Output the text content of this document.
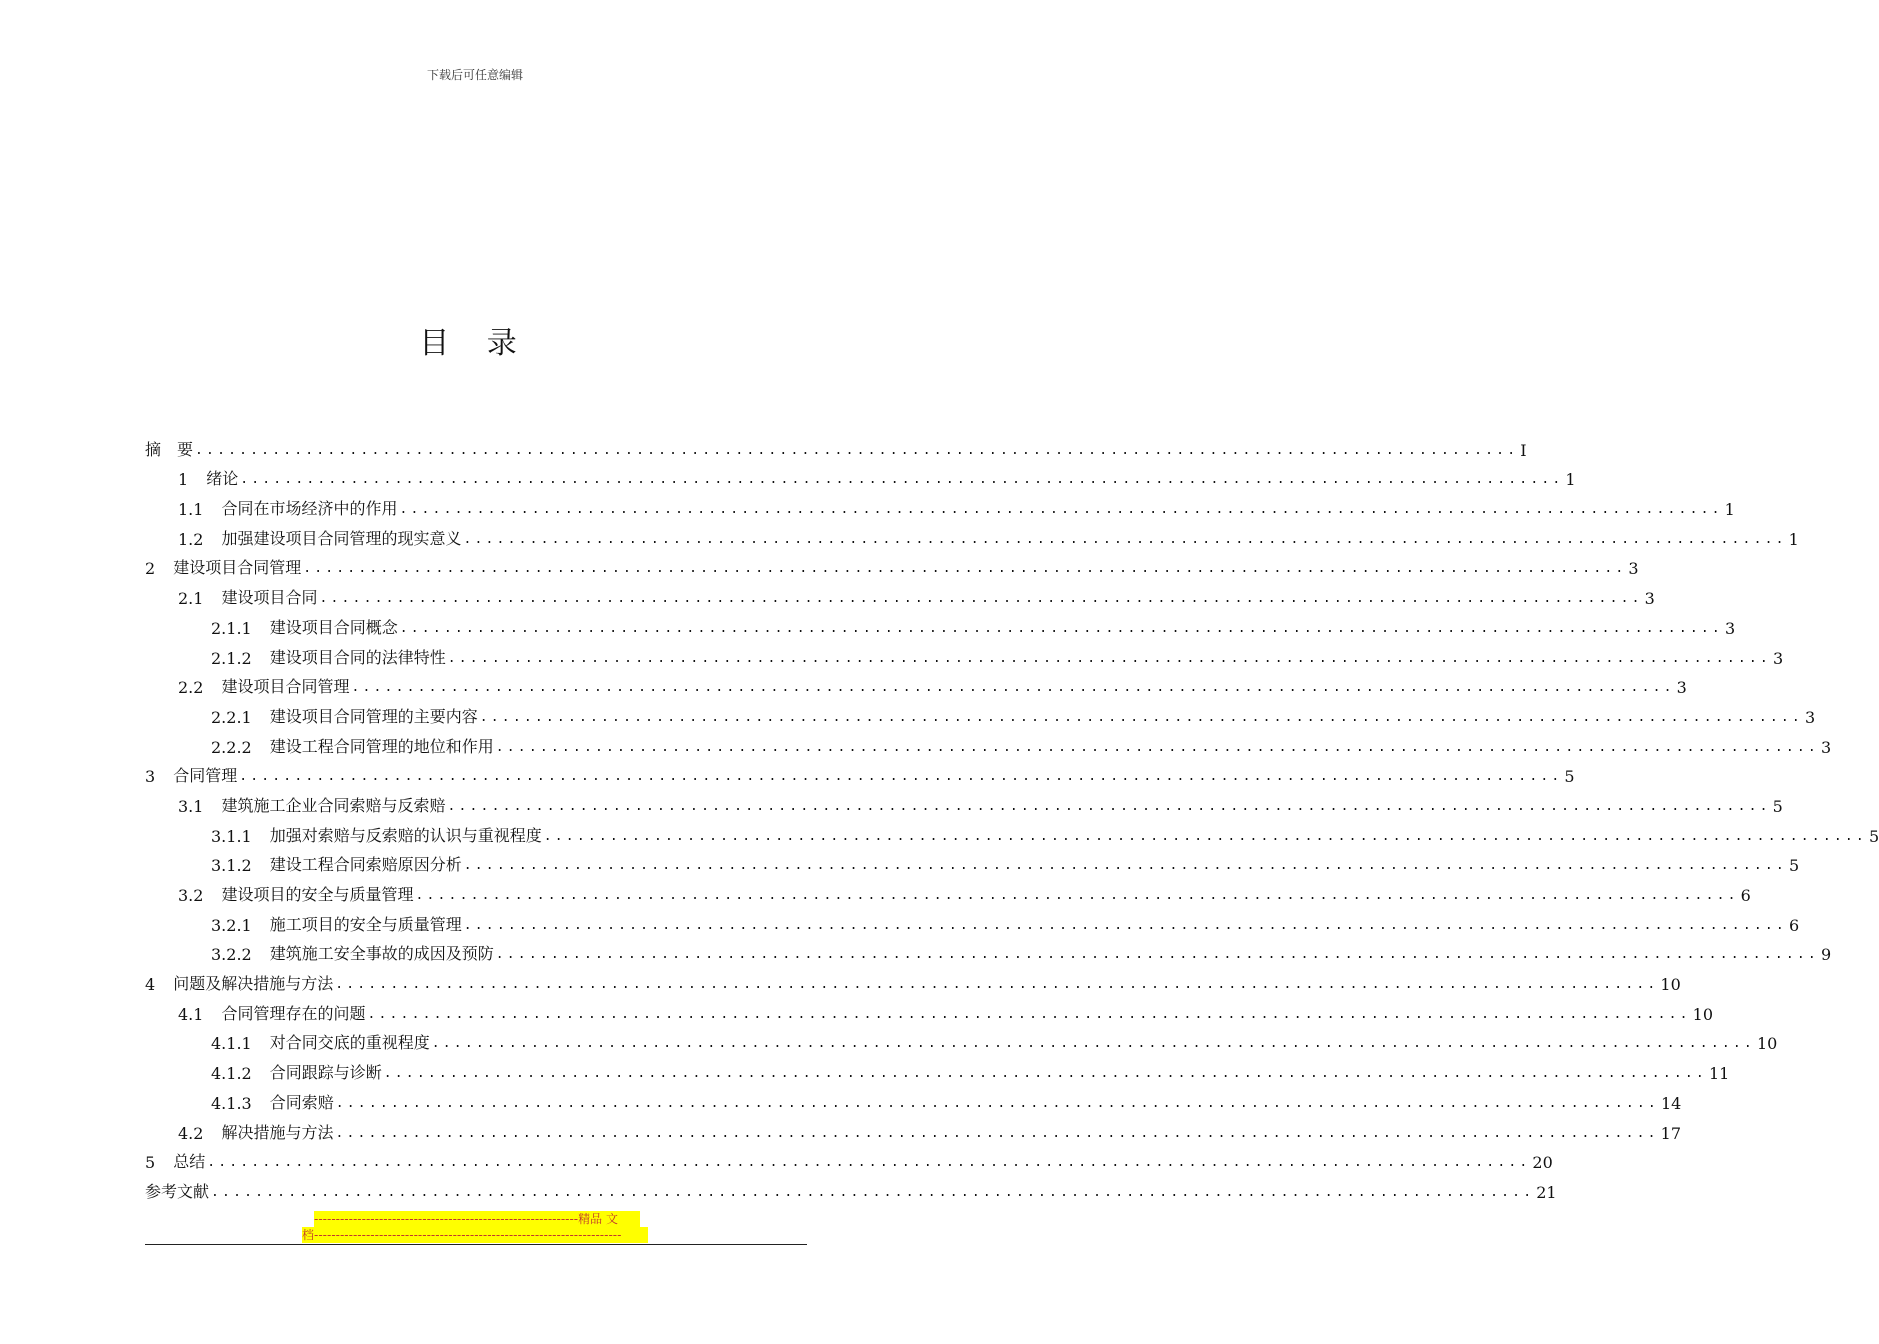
下载后可任意编辑
目 录
摘　要 ........................................................................................................................ I
1 绪论 ........................................................................................................................ 1
1.1 合同在市场经济中的作用 ........................................................................................................................ 1
1.2 加强建设项目合同管理的现实意义 ........................................................................................................................ 1
2 建设项目合同管理 ........................................................................................................................ 3
2.1 建设项目合同 ........................................................................................................................ 3
2.1.1 建设项目合同概念 ........................................................................................................................ 3
2.1.2 建设项目合同的法律特性 ........................................................................................................................ 3
2.2 建设项目合同管理 ........................................................................................................................ 3
2.2.1 建设项目合同管理的主要内容 ........................................................................................................................ 3
2.2.2 建设工程合同管理的地位和作用 ........................................................................................................................ 3
3 合同管理 ........................................................................................................................ 5
3.1 建筑施工企业合同索赔与反索赔 ........................................................................................................................ 5
3.1.1 加强对索赔与反索赔的认识与重视程度 ........................................................................................................................ 5
3.1.2 建设工程合同索赔原因分析 ........................................................................................................................ 5
3.2 建设项目的安全与质量管理 ........................................................................................................................ 6
3.2.1 施工项目的安全与质量管理 ........................................................................................................................ 6
3.2.2 建筑施工安全事故的成因及预防 ........................................................................................................................ 9
4 问题及解决措施与方法 ........................................................................................................................ 10
4.1 合同管理存在的问题 ........................................................................................................................ 10
4.1.1 对合同交底的重视程度 ........................................................................................................................ 10
4.1.2 合同跟踪与诊断 ........................................................................................................................ 11
4.1.3 合同索赔 ........................................................................................................................ 14
4.2 解决措施与方法 ........................................................................................................................ 17
5 总结 ........................................................................................................................ 20
参考文献 ........................................................................................................................ 21
-------------------------------------------------------------精品 文
档-----------------------------------------------------------------------
